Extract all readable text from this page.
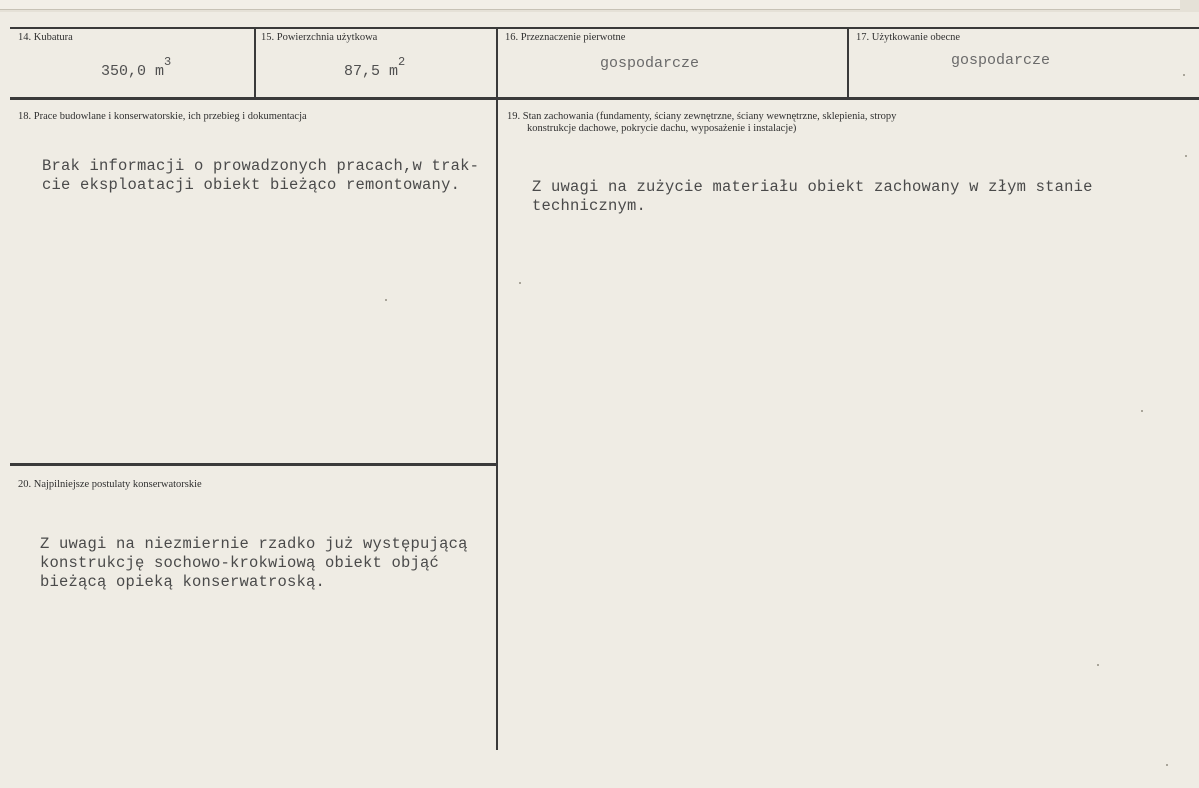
14. Kubatura
350,0 $m^3$
15. Powierzchnia użytkowa
87,5 $m^2$
16. Przeznaczenie pierwotne
gospodarcze
17. Użytkowanie obecne
gospodarcze
18. Prace budowlane i konserwatorskie, ich przebieg i dokumentacja
Brak informacji o prowadzonych pracach,w trak-
cie eksploatacji obiekt bieżąco remontowany.
19. Stan zachowania (fundamenty, ściany zewnętrzne, ściany wewnętrzne, sklepienia, stropy
konstrukcje dachowe, pokrycie dachu, wyposażenie i instalacje)
Z uwagi na zużycie materiału obiekt zachowany w złym stanie
technicznym.
20. Najpilniejsze postulaty konserwatorskie
Z uwagi na niezmiernie rzadko już występującą
konstrukcję sochowo-krokwiową obiekt objąć
bieżącą opieką konserwatroską.
